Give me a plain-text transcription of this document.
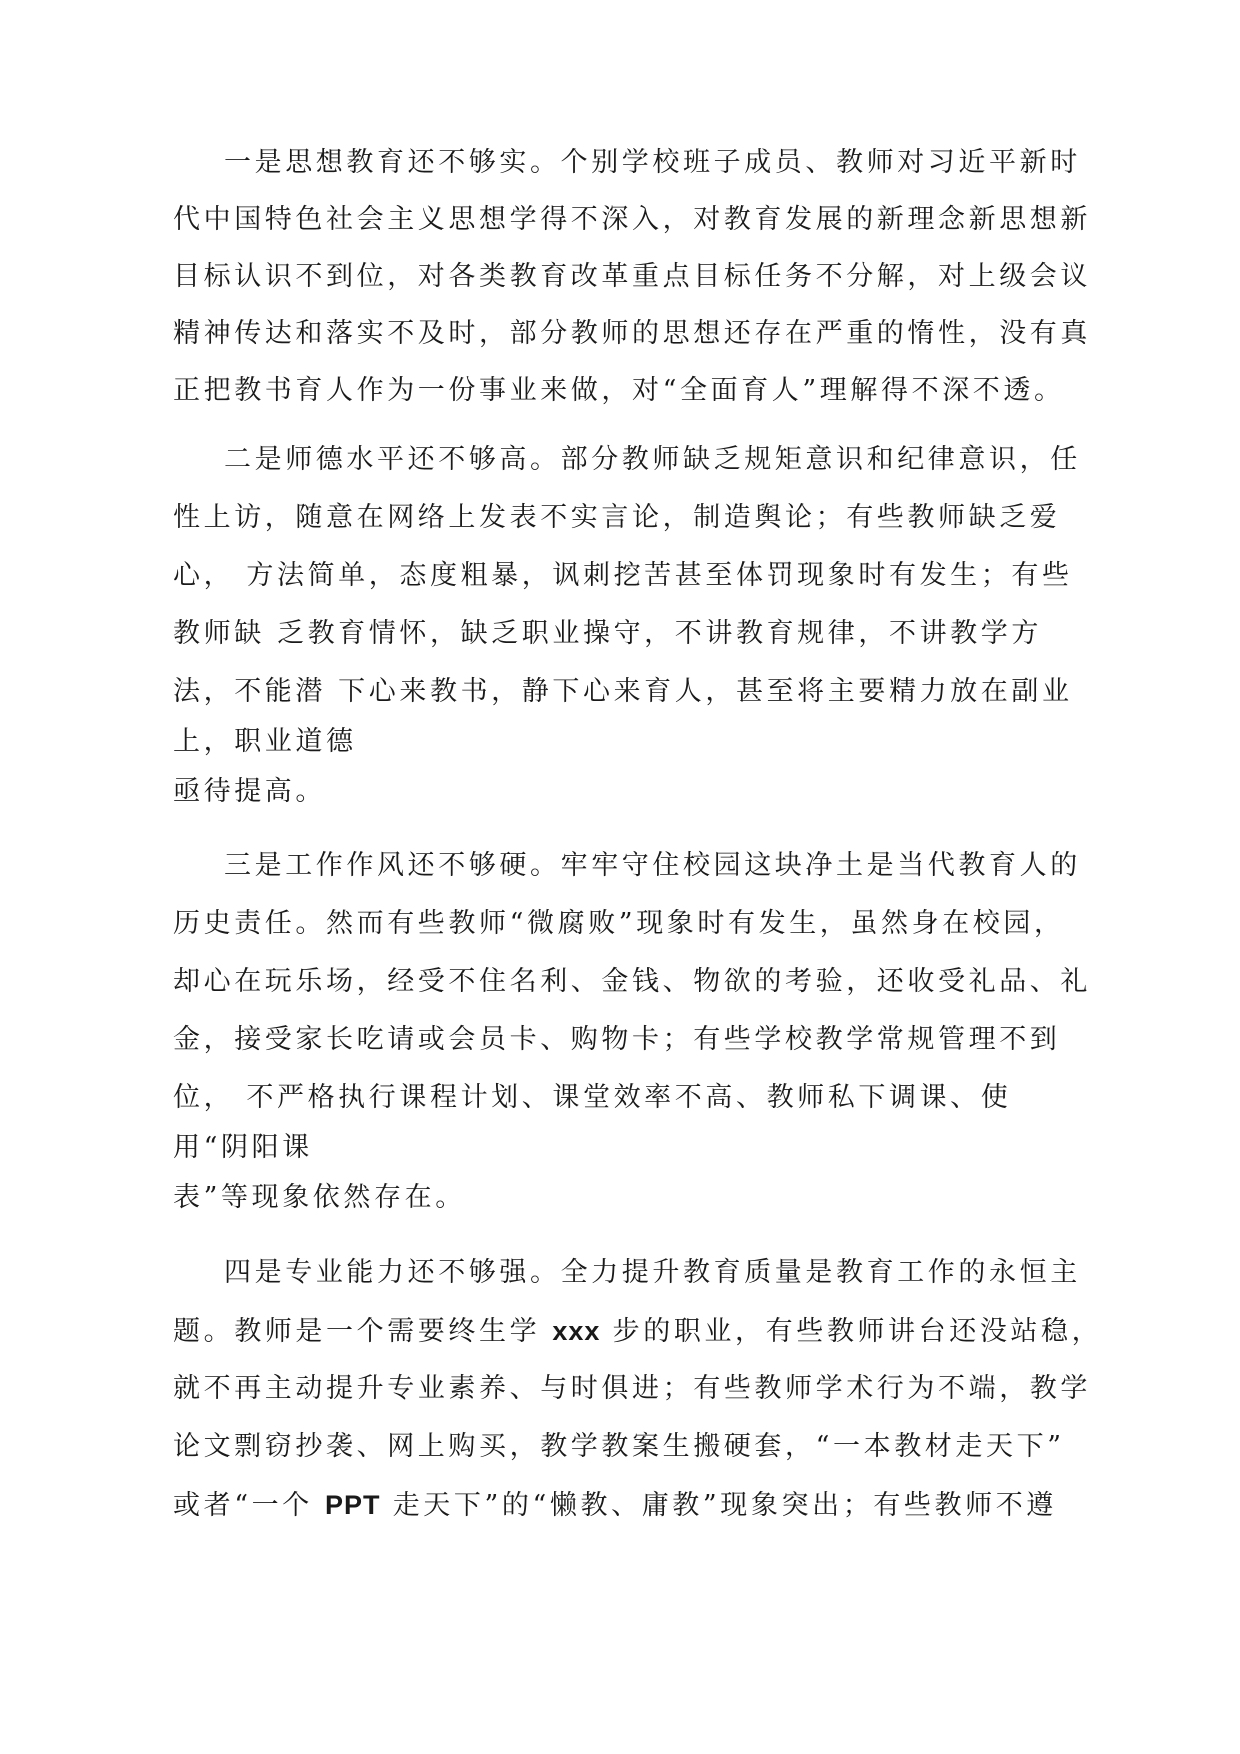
一是思想教育还不够实。个别学校班子成员、教师对习近平新时
代中国特色社会主义思想学得不深入，对教育发展的新理念新思想新
目标认识不到位，对各类教育改革重点目标任务不分解，对上级会议
精神传达和落实不及时，部分教师的思想还存在严重的惰性，没有真
正把教书育人作为一份事业来做，对“全面育人”理解得不深不透。
二是师德水平还不够高。部分教师缺乏规矩意识和纪律意识，任
性上访，随意在网络上发表不实言论，制造舆论；有些教师缺乏爱
心， 方法简单，态度粗暴，讽刺挖苦甚至体罚现象时有发生；有些
教师缺 乏教育情怀，缺乏职业操守，不讲教育规律，不讲教学方
法，不能潜 下心来教书，静下心来育人，甚至将主要精力放在副业
上，职业道德
亟待提高。
三是工作作风还不够硬。牢牢守住校园这块净土是当代教育人的
历史责任。然而有些教师“微腐败”现象时有发生，虽然身在校园，
却心在玩乐场，经受不住名利、金钱、物欲的考验，还收受礼品、礼
金，接受家长吃请或会员卡、购物卡；有些学校教学常规管理不到
位， 不严格执行课程计划、课堂效率不高、教师私下调课、使
用“阴阳课
表”等现象依然存在。
四是专业能力还不够强。全力提升教育质量是教育工作的永恒主
题。教师是一个需要终生学 xxx 步的职业，有些教师讲台还没站稳，
就不再主动提升专业素养、与时俱进；有些教师学术行为不端，教学
论文剽窃抄袭、网上购买，教学教案生搬硬套，“一本教材走天下”
或者“一个 PPT 走天下”的“懒教、庸教”现象突出；有些教师不遵
